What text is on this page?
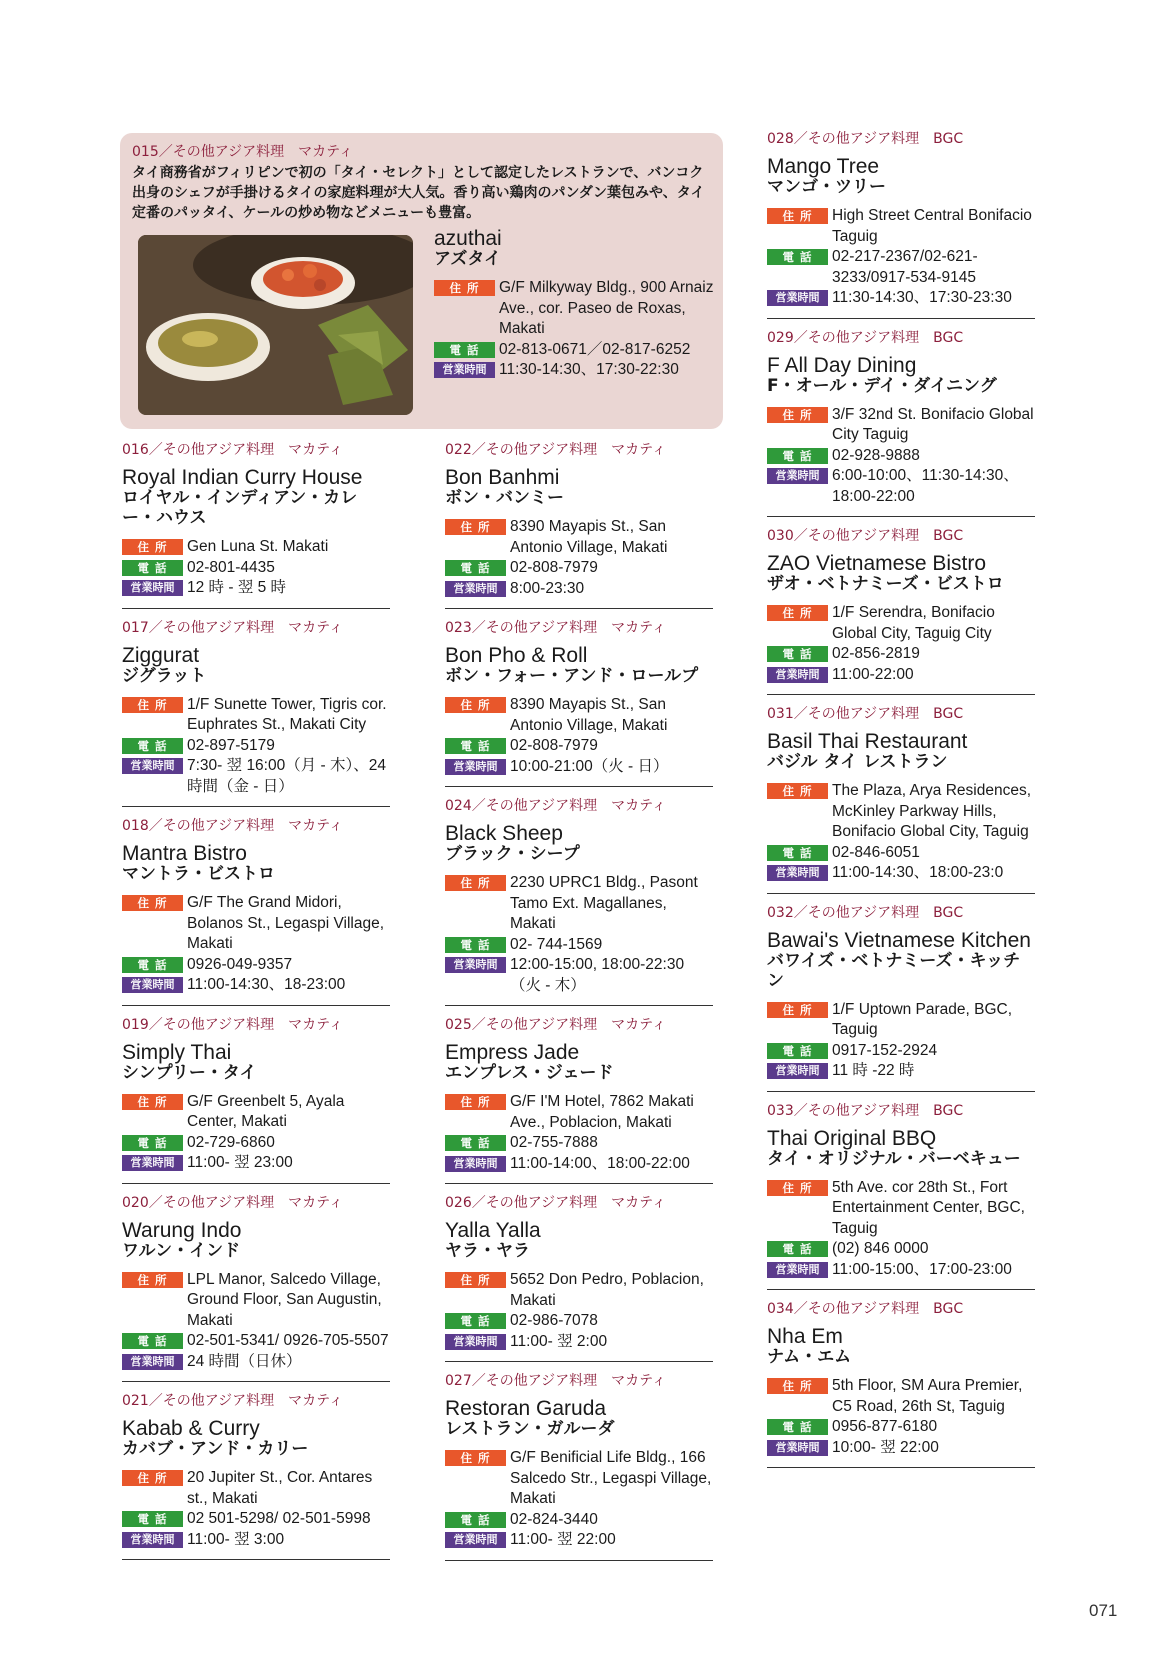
015／その他アジア料理 マカティ
タイ商務省がフィリピンで初の「タイ・セレクト」として認定したレストランで、バンコク出身のシェフが手掛けるタイの家庭料理が大人気。香り高い鶏肉のパンダン葉包みや、タイ定番のパッタイ、ケールの炒め物などメニューも豊富。
azuthai
アズタイ
住 所	G/F Milkyway Bldg., 900 Arnaiz Ave., cor. Paseo de Roxas, Makati
電 話	02-813-0671／02-817-6252
営業時間 11:30-14:30、17:30-22:30
016／その他アジア料理 マカティ
Royal Indian Curry House
ロイヤル・インディアン・カレー・ハウス
住 所	Gen Luna St. Makati
電 話	02-801-4435
営業時間 12 時 - 翌 5 時
017／その他アジア料理 マカティ
Ziggurat
ジグラット
住 所	1/F Sunette Tower, Tigris cor. Euphrates St., Makati City
電 話	02-897-5179
営業時間 7:30- 翌 16:00（月 - 木）、24 時間（金 - 日）
018／その他アジア料理 マカティ
Mantra Bistro
マントラ・ビストロ
住 所	G/F The Grand Midori, Bolanos St., Legaspi Village, Makati
電 話	0926-049-9357
営業時間 11:00-14:30、18-23:00
019／その他アジア料理 マカティ
Simply Thai
シンプリー・タイ
住 所	G/F Greenbelt 5, Ayala Center, Makati
電 話	02-729-6860
営業時間 11:00- 翌 23:00
020／その他アジア料理 マカティ
Warung Indo
ワルン・インド
住 所	LPL Manor, Salcedo Village, Ground Floor, San Augustin, Makati
電 話	02-501-5341/ 0926-705-5507
営業時間 24 時間（日休）
021／その他アジア料理 マカティ
Kabab & Curry
カバブ・アンド・カリー
住 所	20 Jupiter St., Cor. Antares st., Makati
電 話	02 501-5298/ 02-501-5998
営業時間 11:00- 翌 3:00
022／その他アジア料理 マカティ
Bon Banhmi
ボン・バンミー
住 所	8390 Mayapis St., San Antonio Village, Makati
電 話	02-808-7979
営業時間 8:00-23:30
023／その他アジア料理 マカティ
Bon Pho & Roll
ボン・フォー・アンド・ロールプ
住 所	8390 Mayapis St., San Antonio Village, Makati
電 話	02-808-7979
営業時間 10:00-21:00（火 - 日）
024／その他アジア料理 マカティ
Black Sheep
ブラック・シープ
住 所	2230 UPRC1 Bldg., Pasont Tamo Ext. Magallanes, Makati
電 話	02- 744-1569
営業時間 12:00-15:00, 18:00-22:30（火 - 木）
025／その他アジア料理 マカティ
Empress Jade
エンプレス・ジェード
住 所	G/F I'M Hotel, 7862 Makati Ave., Poblacion, Makati
電 話	02-755-7888
営業時間 11:00-14:00、18:00-22:00
026／その他アジア料理 マカティ
Yalla Yalla
ヤラ・ヤラ
住 所	5652 Don Pedro, Poblacion, Makati
電 話	02-986-7078
営業時間 11:00- 翌 2:00
027／その他アジア料理 マカティ
Restoran Garuda
レストラン・ガルーダ
住 所	G/F Benificial Life Bldg., 166 Salcedo Str., Legaspi Village, Makati
電 話	02-824-3440
営業時間 11:00- 翌 22:00
028／その他アジア料理 BGC
Mango Tree
マンゴ・ツリー
住 所	High Street Central Bonifacio Taguig
電 話	02-217-2367/02-621-3233/0917-534-9145
営業時間 11:30-14:30、17:30-23:30
029／その他アジア料理 BGC
F All Day Dining
F・オール・デイ・ダイニング
住 所	3/F 32nd St. Bonifacio Global City Taguig
電 話	02-928-9888
営業時間 6:00-10:00、11:30-14:30、18:00-22:00
030／その他アジア料理 BGC
ZAO Vietnamese Bistro
ザオ・ベトナミーズ・ビストロ
住 所	1/F Serendra, Bonifacio Global City, Taguig City
電 話	02-856-2819
営業時間 11:00-22:00
031／その他アジア料理 BGC
Basil Thai Restaurant
バジル タイ レストラン
住 所	The Plaza, Arya Residences, McKinley Parkway Hills, Bonifacio Global City, Taguig
電 話	02-846-6051
営業時間 11:00-14:30、18:00-23:0
032／その他アジア料理 BGC
Bawai's Vietnamese Kitchen
バワイズ・ベトナミーズ・キッチン
住 所	1/F Uptown Parade, BGC, Taguig
電 話	0917-152-2924
営業時間 11 時 -22 時
033／その他アジア料理 BGC
Thai Original BBQ
タイ・オリジナル・バーベキュー
住 所	5th Ave. cor 28th St., Fort Entertainment Center, BGC, Taguig
電 話	(02) 846 0000
営業時間 11:00-15:00、17:00-23:00
034／その他アジア料理 BGC
Nha Em
ナム・エム
住 所	5th Floor, SM Aura Premier, C5 Road, 26th St, Taguig
電 話	0956-877-6180
営業時間 10:00- 翌 22:00
071
